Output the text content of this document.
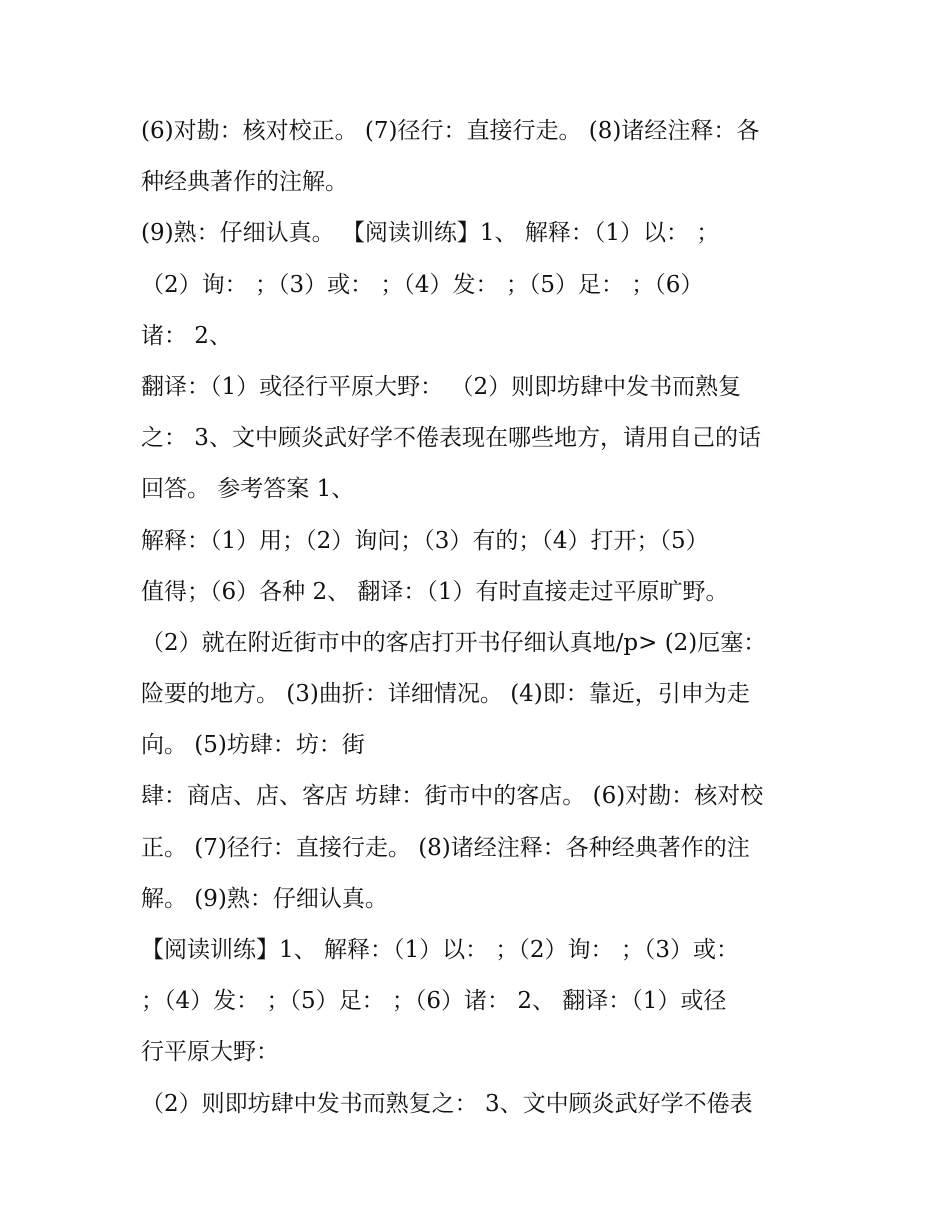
(6)对勘：核对校正。 (7)径行：直接行走。 (8)诸经注释：各
种经典著作的注解。
(9)熟：仔细认真。 【阅读训练】1、 解释：（1）以： ；
（2）询： ；（3）或： ；（4）发： ；（5）足： ；（6）
诸： 2、
翻译：（1）或径行平原大野： （2）则即坊肆中发书而熟复
之： 3、文中顾炎武好学不倦表现在哪些地方，请用自己的话
回答。 参考答案 1、
解释：（1）用；（2）询问；（3）有的；（4）打开；（5）
值得；（6）各种 2、 翻译：（1）有时直接走过平原旷野。
（2）就在附近街市中的客店打开书仔细认真地/p> (2)厄塞：
险要的地方。 (3)曲折：详细情况。 (4)即：靠近，引申为走
向。 (5)坊肆：坊：街
肆：商店、店、客店 坊肆：街市中的客店。 (6)对勘：核对校
正。 (7)径行：直接行走。 (8)诸经注释：各种经典著作的注
解。 (9)熟：仔细认真。
【阅读训练】1、 解释：（1）以： ；（2）询： ；（3）或：
；（4）发： ；（5）足： ；（6）诸： 2、 翻译：（1）或径
行平原大野：
（2）则即坊肆中发书而熟复之： 3、文中顾炎武好学不倦表
